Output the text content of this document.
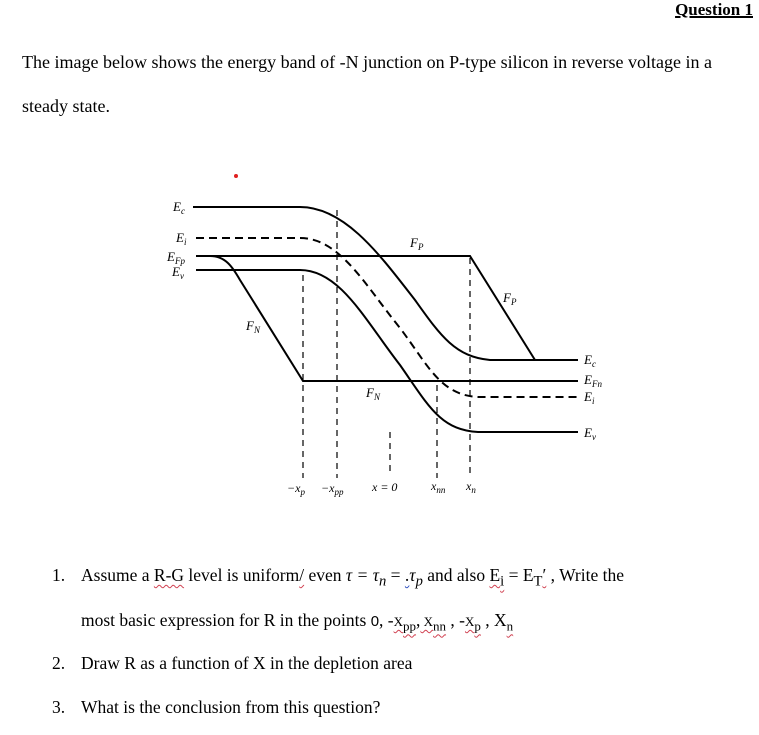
Question 1
The image below shows the energy band of -N junction on P-type silicon in reverse voltage in a steady state.
$E_c$
$E_i$
$E_{Fp}$
$E_v$
$E_c$
$E_{Fn}$
$E_i$
$E_v$
$F_P$
$F_P$
$F_N$
$F_N$
$-x_p -x_{pp}$ x = 0	$x_{nn}$ $x_n$
1. Assume a R-G level is uniform/ even $\tau = \tau_n = .\tau_p$ and also $E_i = E_T'$ , Write the
most basic expression for R in the points 0, $-X_{pp}$, $X_{nn}$ , $-X_p$ , $X_n$
2. Draw R as a function of X in the depletion area
3. What is the conclusion from this question?
